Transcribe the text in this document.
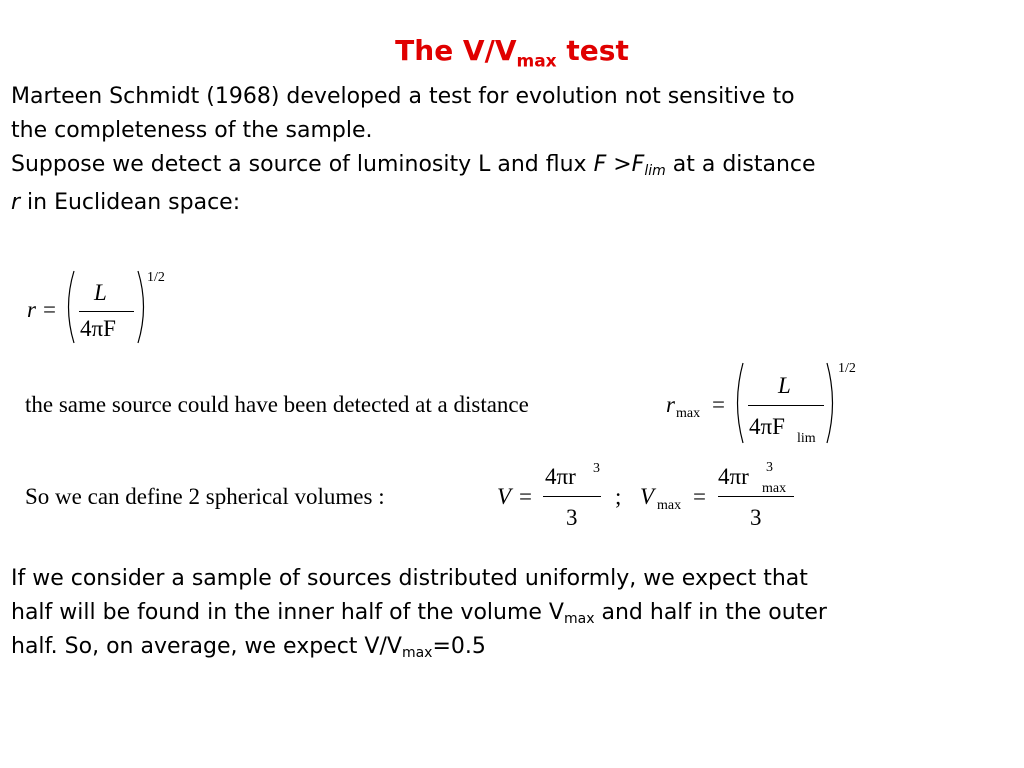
The $V/V_{max}$ test
Marteen Schmidt (1968) developed a test for evolution not sensitive to
the completeness of the sample.
Suppose we detect a source of luminosity L and flux $F >F_{lim}$ at a distance
r in Euclidean space:
r =
L
4πF
1/2
the same source could have been detected at a distance	r max =
L
4πF lim
1/2
So we can define 2 spherical volumes :	V =
4πr 3
3
; V max =
4πr 3
max
3
If we consider a sample of sources distributed uniformly, we expect that
half will be found in the inner half of the volume $V_{max}$ and half in the outer
half. So, on average, we expect $V/V_{max}=0.5$
